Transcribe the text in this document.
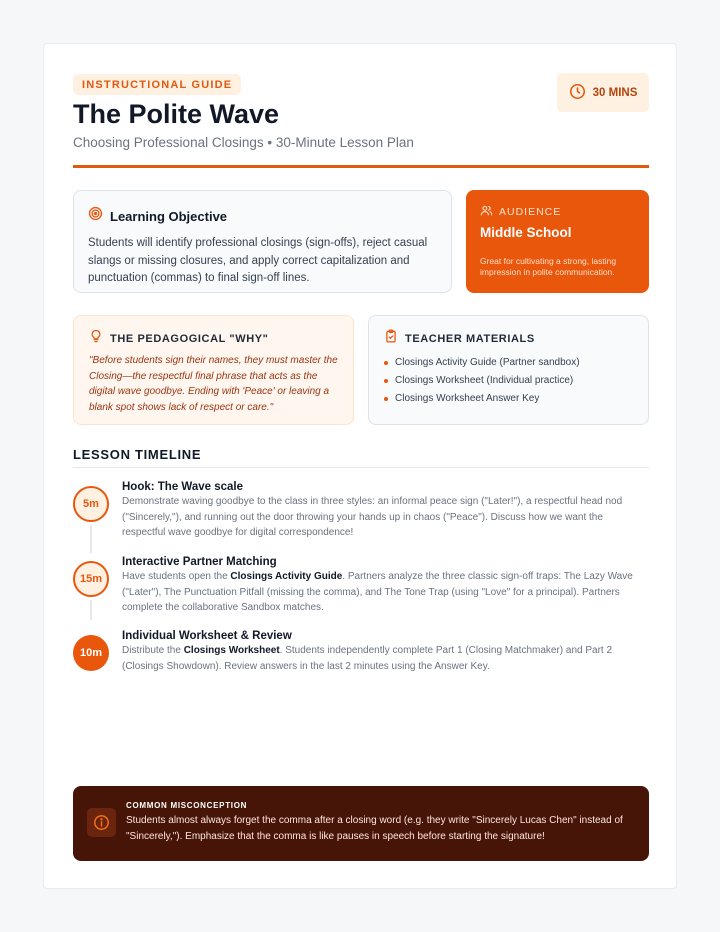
INSTRUCTIONAL GUIDE
The Polite Wave
Choosing Professional Closings • 30-Minute Lesson Plan
30 MINS
Learning Objective

Students will identify professional closings (sign-offs), reject casual slangs or missing closures, and apply correct capitalization and punctuation (commas) to final sign-off lines.

AUDIENCE
Middle School
Great for cultivating a strong, lasting impression in polite communication.
THE PEDAGOGICAL "WHY"

"Before students sign their names, they must master the Closing—the respectful final phrase that acts as the digital wave goodbye. Ending with 'Peace' or leaving a blank spot shows lack of respect or care."

TEACHER MATERIALS
Closings Activity Guide (Partner sandbox)
Closings Worksheet (Individual practice)
Closings Worksheet Answer Key
LESSON TIMELINE
5m
Hook: The Wave scale

Demonstrate waving goodbye to the class in three styles: an informal peace sign ("Later!"), a respectful head nod ("Sincerely,"), and running out the door throwing your hands up in chaos ("Peace"). Discuss how we want the respectful wave goodbye for digital correspondence!

15m
Interactive Partner Matching

Have students open the Closings Activity Guide. Partners analyze the three classic sign-off traps: The Lazy Wave ("Later"), The Punctuation Pitfall (missing the comma), and The Tone Trap (using "Love" for a principal). Partners complete the collaborative Sandbox matches.

10m
Individual Worksheet & Review

Distribute the Closings Worksheet. Students independently complete Part 1 (Closing Matchmaker) and Part 2 (Closings Showdown). Review answers in the last 2 minutes using the Answer Key.

COMMON MISCONCEPTION

Students almost always forget the comma after a closing word (e.g. they write "Sincerely Lucas Chen" instead of "Sincerely,"). Emphasize that the comma is like pauses in speech before starting the signature!
